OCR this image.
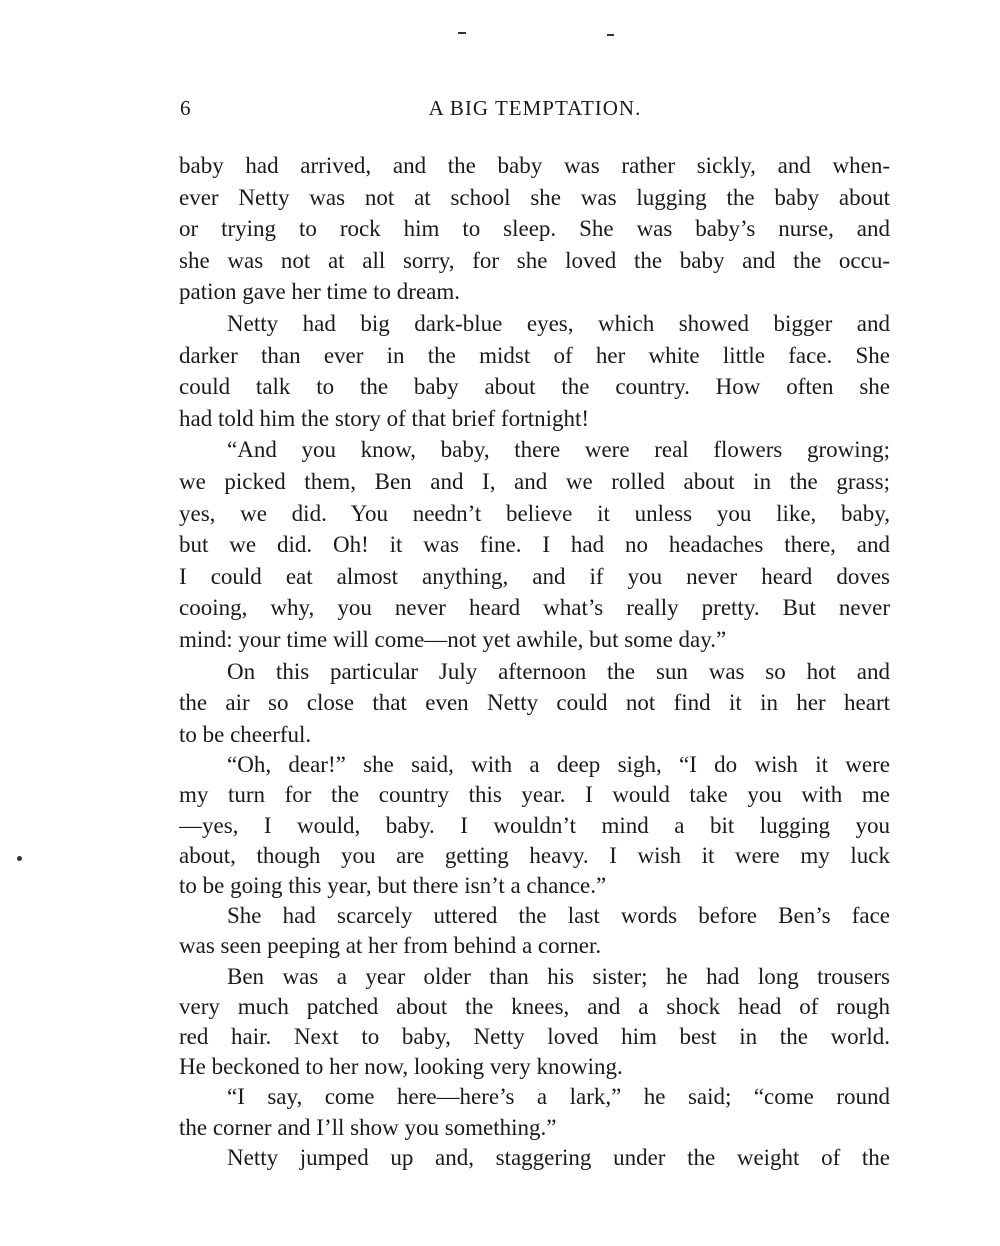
6	A BIG TEMPTATION.
baby had arrived, and the baby was rather sickly, and when-
ever Netty was not at school she was lugging the baby about
or trying to rock him to sleep. She was baby’s nurse, and
she was not at all sorry, for she loved the baby and the occu-
pation gave her time to dream.
Netty had big dark-blue eyes, which showed bigger and
darker than ever in the midst of her white little face. She
could talk to the baby about the country. How often she
had told him the story of that brief fortnight!
“And you know, baby, there were real flowers growing;
we picked them, Ben and I, and we rolled about in the grass;
yes, we did. You needn’t believe it unless you like, baby,
but we did. Oh! it was fine. I had no headaches there, and
I could eat almost anything, and if you never heard doves
cooing, why, you never heard what’s really pretty. But never
mind: your time will come—not yet awhile, but some day.”
On this particular July afternoon the sun was so hot and
the air so close that even Netty could not find it in her heart
to be cheerful.
“Oh, dear!” she said, with a deep sigh, “I do wish it were
my turn for the country this year. I would take you with me
—yes, I would, baby. I wouldn’t mind a bit lugging you
about, though you are getting heavy. I wish it were my luck
to be going this year, but there isn’t a chance.”
She had scarcely uttered the last words before Ben’s face
was seen peeping at her from behind a corner.
Ben was a year older than his sister; he had long trousers
very much patched about the knees, and a shock head of rough
red hair. Next to baby, Netty loved him best in the world.
He beckoned to her now, looking very knowing.
“I say, come here—here’s a lark,” he said; “come round
the corner and I’ll show you something.”
Netty jumped up and, staggering under the weight of the
